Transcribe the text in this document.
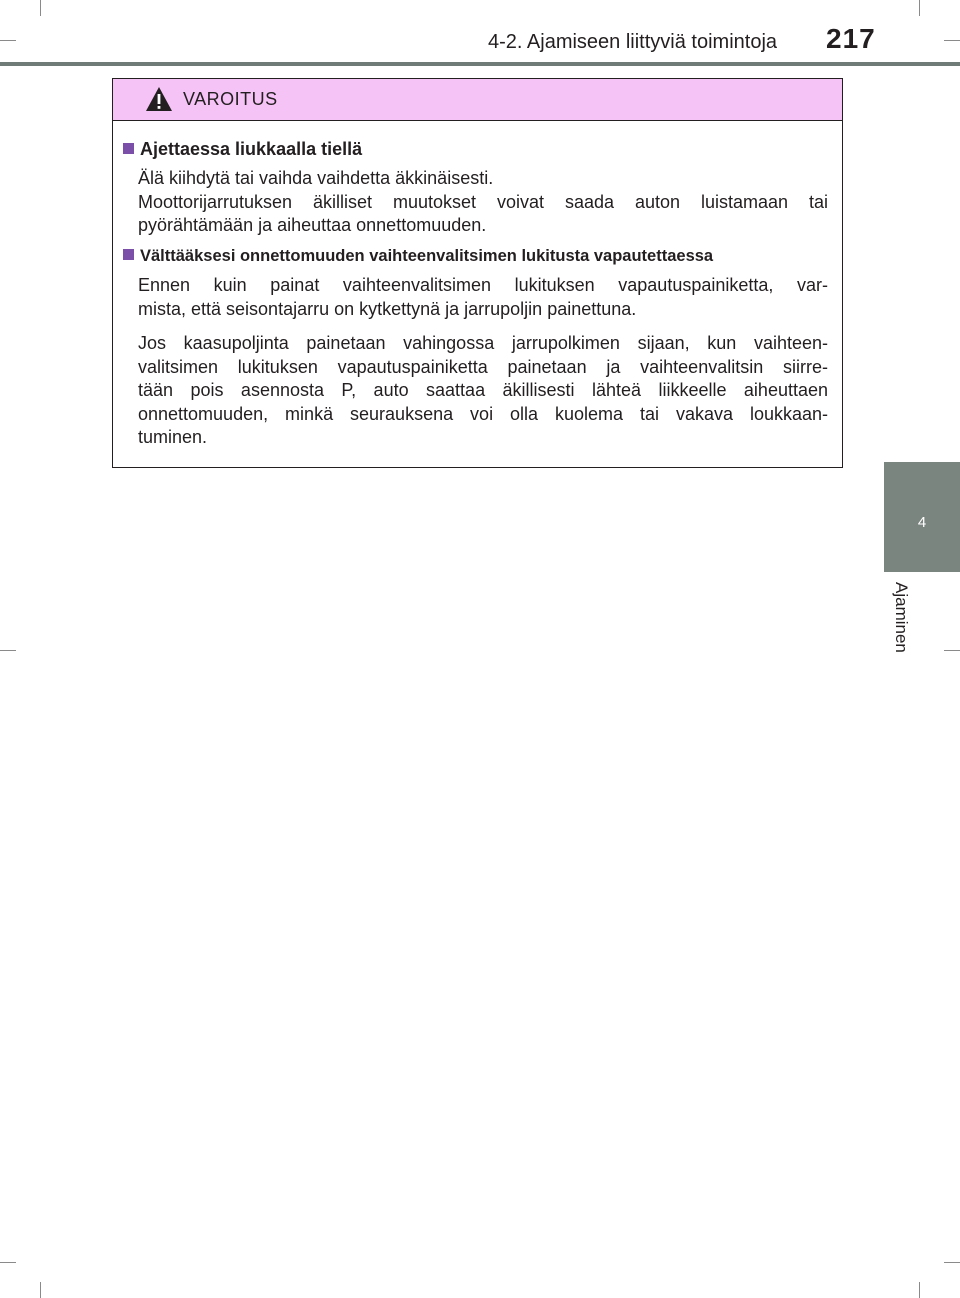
4-2. Ajamiseen liittyviä toimintoja 217
4
Ajaminen
VAROITUS
Ajettaessa liukkaalla tiellä
Älä kiihdytä tai vaihda vaihdetta äkkinäisesti.
Moottorijarrutuksen äkilliset muutokset voivat saada auton luistamaan tai
pyörähtämään ja aiheuttaa onnettomuuden.
Välttääksesi onnettomuuden vaihteenvalitsimen lukitusta vapautettaessa
Ennen kuin painat vaihteenvalitsimen lukituksen vapautuspainiketta, var-
mista, että seisontajarru on kytkettynä ja jarrupoljin painettuna.
Jos kaasupoljinta painetaan vahingossa jarrupolkimen sijaan, kun vaihteen-
valitsimen lukituksen vapautuspainiketta painetaan ja vaihteenvalitsin siirre-
tään pois asennosta P, auto saattaa äkillisesti lähteä liikkeelle aiheuttaen
onnettomuuden, minkä seurauksena voi olla kuolema tai vakava loukkaan-
tuminen.
